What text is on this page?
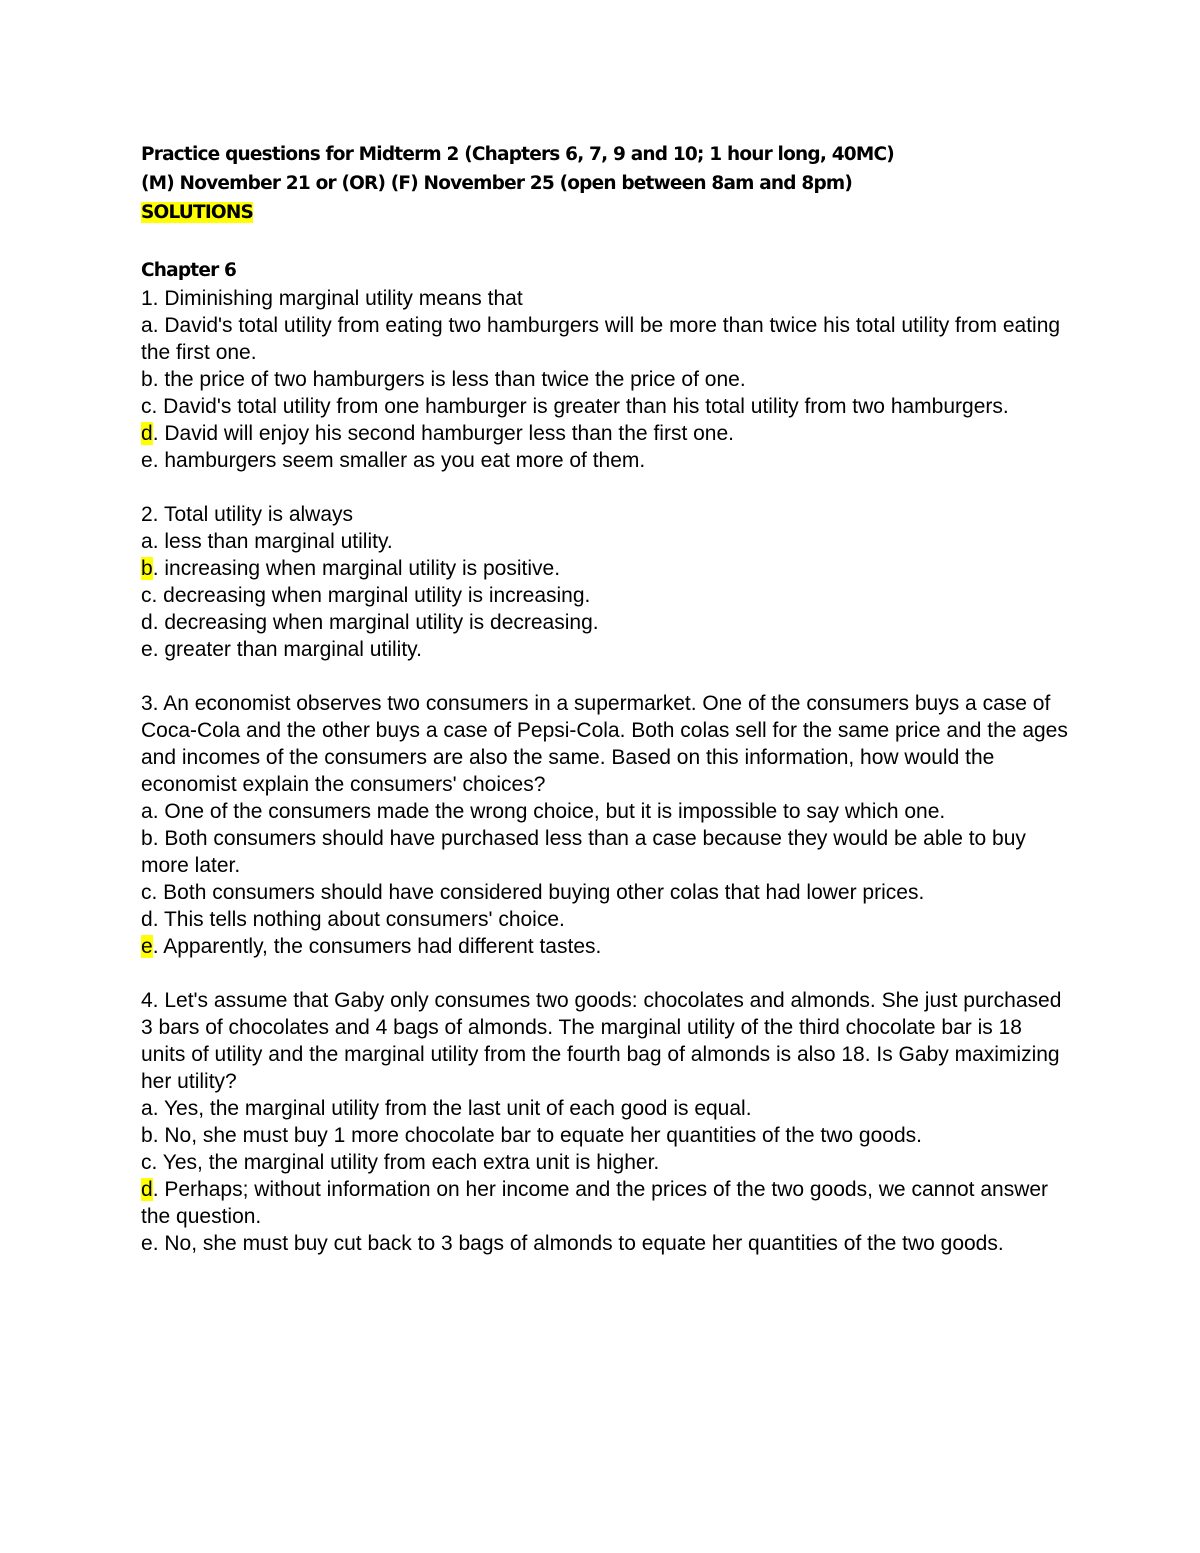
Practice questions for Midterm 2 (Chapters 6, 7, 9 and 10; 1 hour long, 40MC)
(M) November 21 or (OR) (F) November 25 (open between 8am and 8pm)
SOLUTIONS
Chapter 6

1. Diminishing marginal utility means that

a. David's total utility from eating two hamburgers will be more than twice his total utility from eating the first one.

b. the price of two hamburgers is less than twice the price of one.

c. David's total utility from one hamburger is greater than his total utility from two hamburgers.

d. David will enjoy his second hamburger less than the first one.

e. hamburgers seem smaller as you eat more of them.

2. Total utility is always

a. less than marginal utility.

b. increasing when marginal utility is positive.

c. decreasing when marginal utility is increasing.

d. decreasing when marginal utility is decreasing.

e. greater than marginal utility.

3. An economist observes two consumers in a supermarket. One of the consumers buys a case of Coca-Cola and the other buys a case of Pepsi-Cola. Both colas sell for the same price and the ages and incomes of the consumers are also the same. Based on this information, how would the economist explain the consumers' choices?

a. One of the consumers made the wrong choice, but it is impossible to say which one.

b. Both consumers should have purchased less than a case because they would be able to buy more later.

c. Both consumers should have considered buying other colas that had lower prices.

d. This tells nothing about consumers' choice.

e. Apparently, the consumers had different tastes.

4. Let's assume that Gaby only consumes two goods: chocolates and almonds. She just purchased 3 bars of chocolates and 4 bags of almonds. The marginal utility of the third chocolate bar is 18 units of utility and the marginal utility from the fourth bag of almonds is also 18. Is Gaby maximizing her utility?

a. Yes, the marginal utility from the last unit of each good is equal.

b. No, she must buy 1 more chocolate bar to equate her quantities of the two goods.

c. Yes, the marginal utility from each extra unit is higher.

d. Perhaps; without information on her income and the prices of the two goods, we cannot answer the question.

e. No, she must buy cut back to 3 bags of almonds to equate her quantities of the two goods.
